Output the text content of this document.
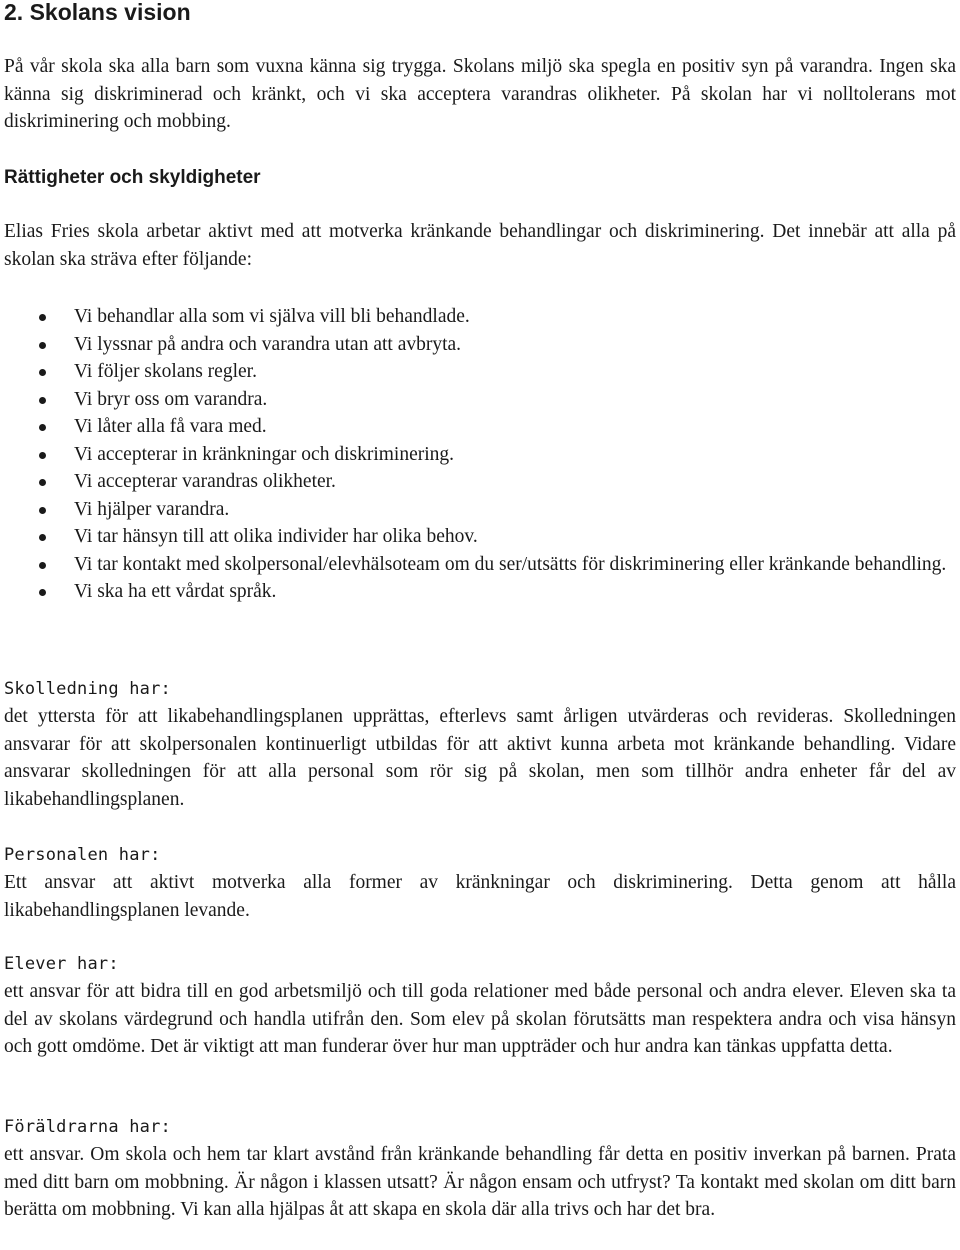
2. Skolans vision

På vår skola ska alla barn som vuxna känna sig trygga. Skolans miljö ska spegla en positiv syn på varandra. Ingen ska känna sig diskriminerad och kränkt, och vi ska acceptera varandras olikheter. På skolan har vi nolltolerans mot diskriminering och mobbing.

Rättigheter och skyldigheter

Elias Fries skola arbetar aktivt med att motverka kränkande behandlingar och diskriminering. Det innebär att alla på skolan ska sträva efter följande:

Vi behandlar alla som vi själva vill bli behandlade.
Vi lyssnar på andra och varandra utan att avbryta.
Vi följer skolans regler.
Vi bryr oss om varandra.
Vi låter alla få vara med.
Vi accepterar in kränkningar och diskriminering.
Vi accepterar varandras olikheter.
Vi hjälper varandra.
Vi tar hänsyn till att olika individer har olika behov.
Vi tar kontakt med skolpersonal/elevhälsoteam om du ser/utsätts för diskriminering eller kränkande behandling.
Vi ska ha ett vårdat språk.

Skolledning har:

det yttersta för att likabehandlingsplanen upprättas, efterlevs samt årligen utvärderas och revideras. Skolledningen ansvarar för att skolpersonalen kontinuerligt utbildas för att aktivt kunna arbeta mot kränkande behandling. Vidare ansvarar skolledningen för att alla personal som rör sig på skolan, men som tillhör andra enheter får del av likabehandlingsplanen.

Personalen har:

Ett ansvar att aktivt motverka alla former av kränkningar och diskriminering. Detta genom att hålla likabehandlingsplanen levande.

Elever har:

ett ansvar för att bidra till en god arbetsmiljö och till goda relationer med både personal och andra elever. Eleven ska ta del av skolans värdegrund och handla utifrån den. Som elev på skolan förutsätts man respektera andra och visa hänsyn och gott omdöme. Det är viktigt att man funderar över hur man uppträder och hur andra kan tänkas uppfatta detta.

Föräldrarna har:

ett ansvar. Om skola och hem tar klart avstånd från kränkande behandling får detta en positiv inverkan på barnen. Prata med ditt barn om mobbning. Är någon i klassen utsatt? Är någon ensam och utfryst? Ta kontakt med skolan om ditt barn berätta om mobbning. Vi kan alla hjälpas åt att skapa en skola där alla trivs och har det bra.
